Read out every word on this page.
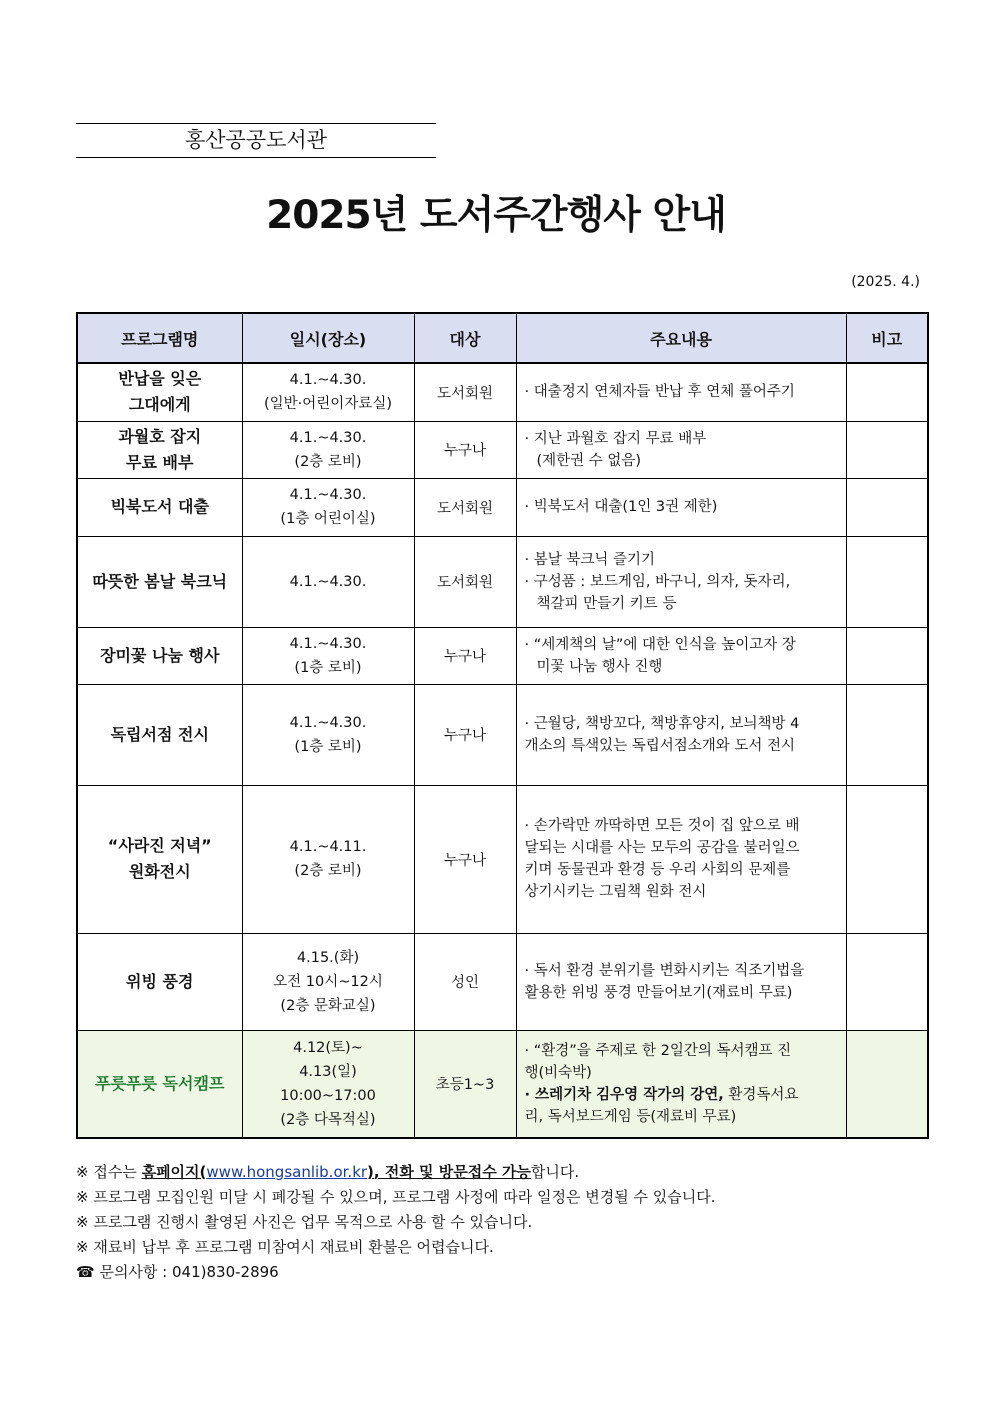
홍산공공도서관
2025년 도서주간행사 안내
(2025. 4.)
프로그램명	일시(장소)	대상	주요내용	비고

반납을 잊은
그대에게	4.1.~4.30.
(일반·어린이자료실)	도서회원	· 대출정지 연체자들 반납 후 연체 풀어주기	

과월호 잡지
무료 배부	4.1.~4.30.
(2층 로비)	누구나	· 지난 과월호 잡지 무료 배부
(제한권 수 없음)	

빅북도서 대출	4.1.~4.30.
(1층 어린이실)	도서회원	· 빅북도서 대출(1인 3권 제한)	

따뜻한 봄날 북크닉	4.1.~4.30.	도서회원	· 봄날 북크닉 즐기기
· 구성품 : 보드게임, 바구니, 의자, 돗자리,
책갈피 만들기 키트 등	

장미꽃 나눔 행사	4.1.~4.30.
(1층 로비)	누구나	· “세계책의 날”에 대한 인식을 높이고자 장
미꽃 나눔 행사 진행	

독립서점 전시	4.1.~4.30.
(1층 로비)	누구나	· 근월당, 책방꼬다, 책방휴양지, 보늬책방 4
개소의 특색있는 독립서점소개와 도서 전시	

“사라진 저녁”
원화전시	4.1.~4.11.
(2층 로비)	누구나	· 손가락만 까딱하면 모든 것이 집 앞으로 배
달되는 시대를 사는 모두의 공감을 불러일으
키며 동물권과 환경 등 우리 사회의 문제를
상기시키는 그림책 원화 전시	

위빙 풍경	4.15.(화)
오전 10시~12시
(2층 문화교실)	성인	· 독서 환경 분위기를 변화시키는 직조기법을
활용한 위빙 풍경 만들어보기(재료비 무료)	

푸릇푸릇 독서캠프	4.12(토)~
4.13(일)
10:00~17:00
(2층 다목적실)	초등1~3	· “환경”을 주제로 한 2일간의 독서캠프 진
행(비숙박)
· 쓰레기차 김우영 작가의 강연, 환경독서요
리, 독서보드게임 등(재료비 무료)	

※ 접수는 홈페이지(www.hongsanlib.or.kr), 전화 및 방문접수 가능합니다.
※ 프로그램 모집인원 미달 시 폐강될 수 있으며, 프로그램 사정에 따라 일정은 변경될 수 있습니다.
※ 프로그램 진행시 촬영된 사진은 업무 목적으로 사용 할 수 있습니다.
※ 재료비 납부 후 프로그램 미참여시 재료비 환불은 어렵습니다.
☎ 문의사항 : 041)830-2896
